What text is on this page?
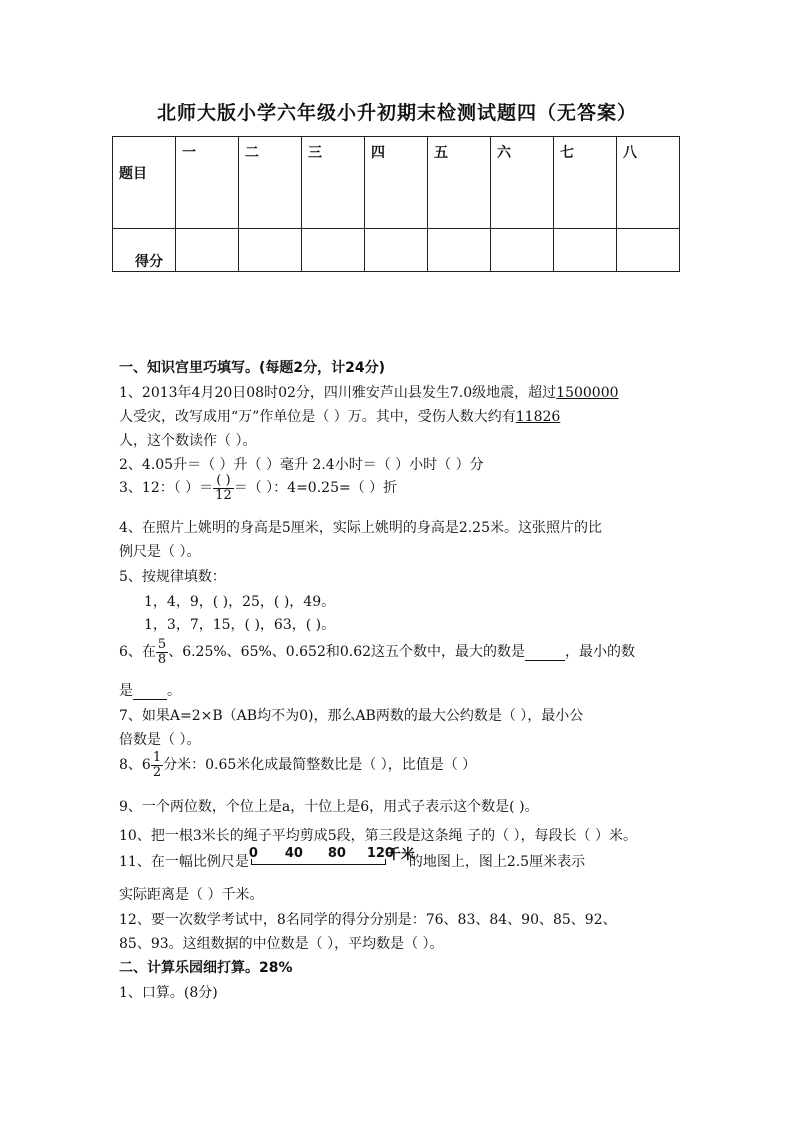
北师大版小学六年级小升初期末检测试题四（无答案）
题目	一	二	三	四	五	六	七	八

得分								

一、知识宫里巧填写。(每题2分，计24分)
1、2013年4月20日08时02分，四川雅安芦山县发生7.0级地震，超过1500000
人受灾，改写成用“万”作单位是（ ）万。其中，受伤人数大约有11826
人，这个数读作（ ）。
2、4.05升＝（ ）升（ ）毫升 2.4小时＝（ ）小时（ ）分
3、12：（ ）＝ $\frac{( )}{12}$ ＝（ ）：4=0.25=（ ）折
4、在照片上姚明的身高是5厘米，实际上姚明的身高是2.25米。这张照片的比
例尺是（ ）。
5、按规律填数：
1，4，9，( )，25，( )，49。
1，3，7，15，( )，63，( )。
6、在 $\frac{5}{8}$ 、6.25%、65%、0.652和0.62这五个数中，最大的数是	，最小的数
是 。
7、如果A=2×B（AB均不为0)，那么AB两数的最大公约数是（ ），最小公
倍数是（ ）。
8、$6 \frac{1}{2}$ 分米：0.65米化成最简整数比是（ ），比值是（ ）
9、一个两位数，个位上是a，十位上是6，用式子表示这个数是( )。
10、把一根3米长的绳子平均剪成5段，第三段是这条绳 子的（ ），每段长（ ）米。
11、在一幅比例尺是
0 40 80 120
千米
的地图上，图上2.5厘米表示
实际距离是（ ）千米。
12、要一次数学考试中，8名同学的得分分别是：76、83、84、90、85、92、
85、93。这组数据的中位数是（ ），平均数是（ ）。
二、计算乐园细打算。28%
1、口算。(8分)
